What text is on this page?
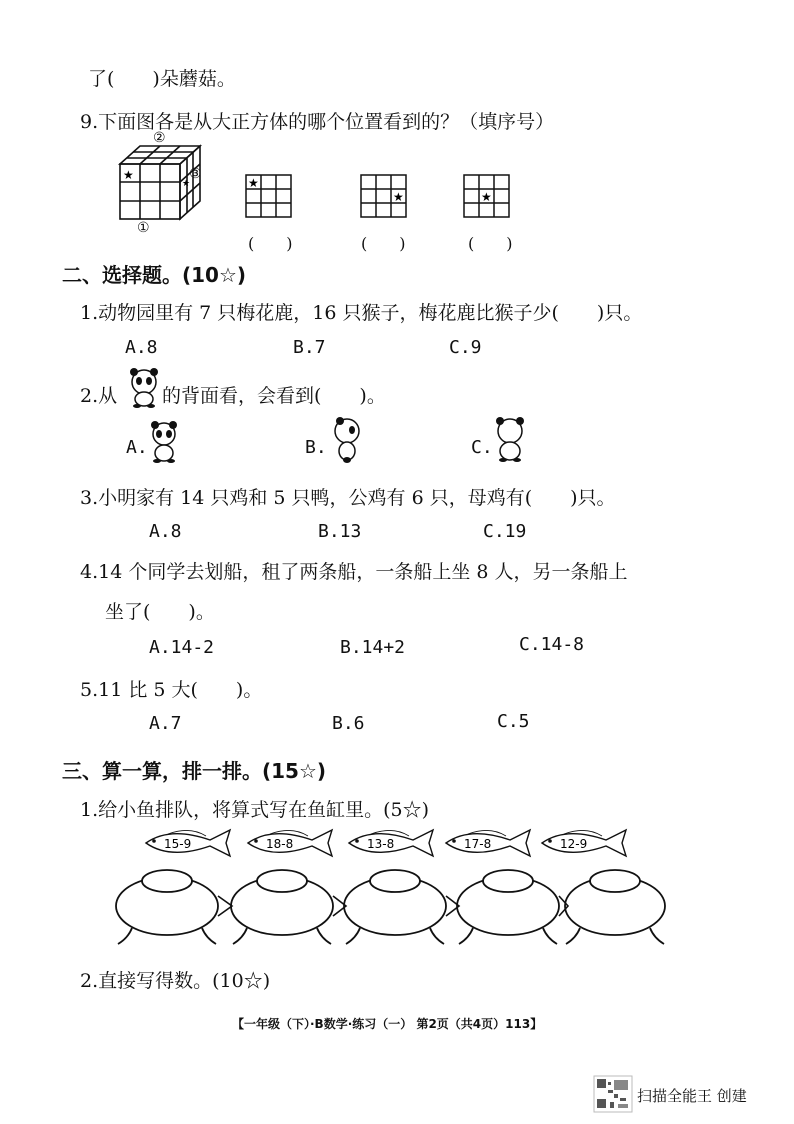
了(　　)朵蘑菇。
9.下面图各是从大正方体的哪个位置看到的？（填序号）
★
★
②
③
①
★
★	★
(　　)	(　　)	(　　)
二、选择题。(10☆)
1.动物园里有 7 只梅花鹿，16 只猴子，梅花鹿比猴子少(　　)只。
A.8	B.7	C.9
2.从 的背面看，会看到(　　)。
A.	B.	C.
3.小明家有 14 只鸡和 5 只鸭，公鸡有 6 只，母鸡有(　　)只。
A.8	B.13	C.19
4.14 个同学去划船，租了两条船，一条船上坐 8 人，另一条船上
坐了(　　)。
A.14-2	B.14+2	C.14-8
5.11 比 5 大(　　)。
A.7	B.6	C.5
三、算一算，排一排。(15☆)
1.给小鱼排队，将算式写在鱼缸里。(5☆)
15-9	18-8	13-8	17-8	12-9
2.直接写得数。(10☆)
【一年级（下）·B数学·练习（一） 第2页（共4页）113】
扫描全能王 创建
